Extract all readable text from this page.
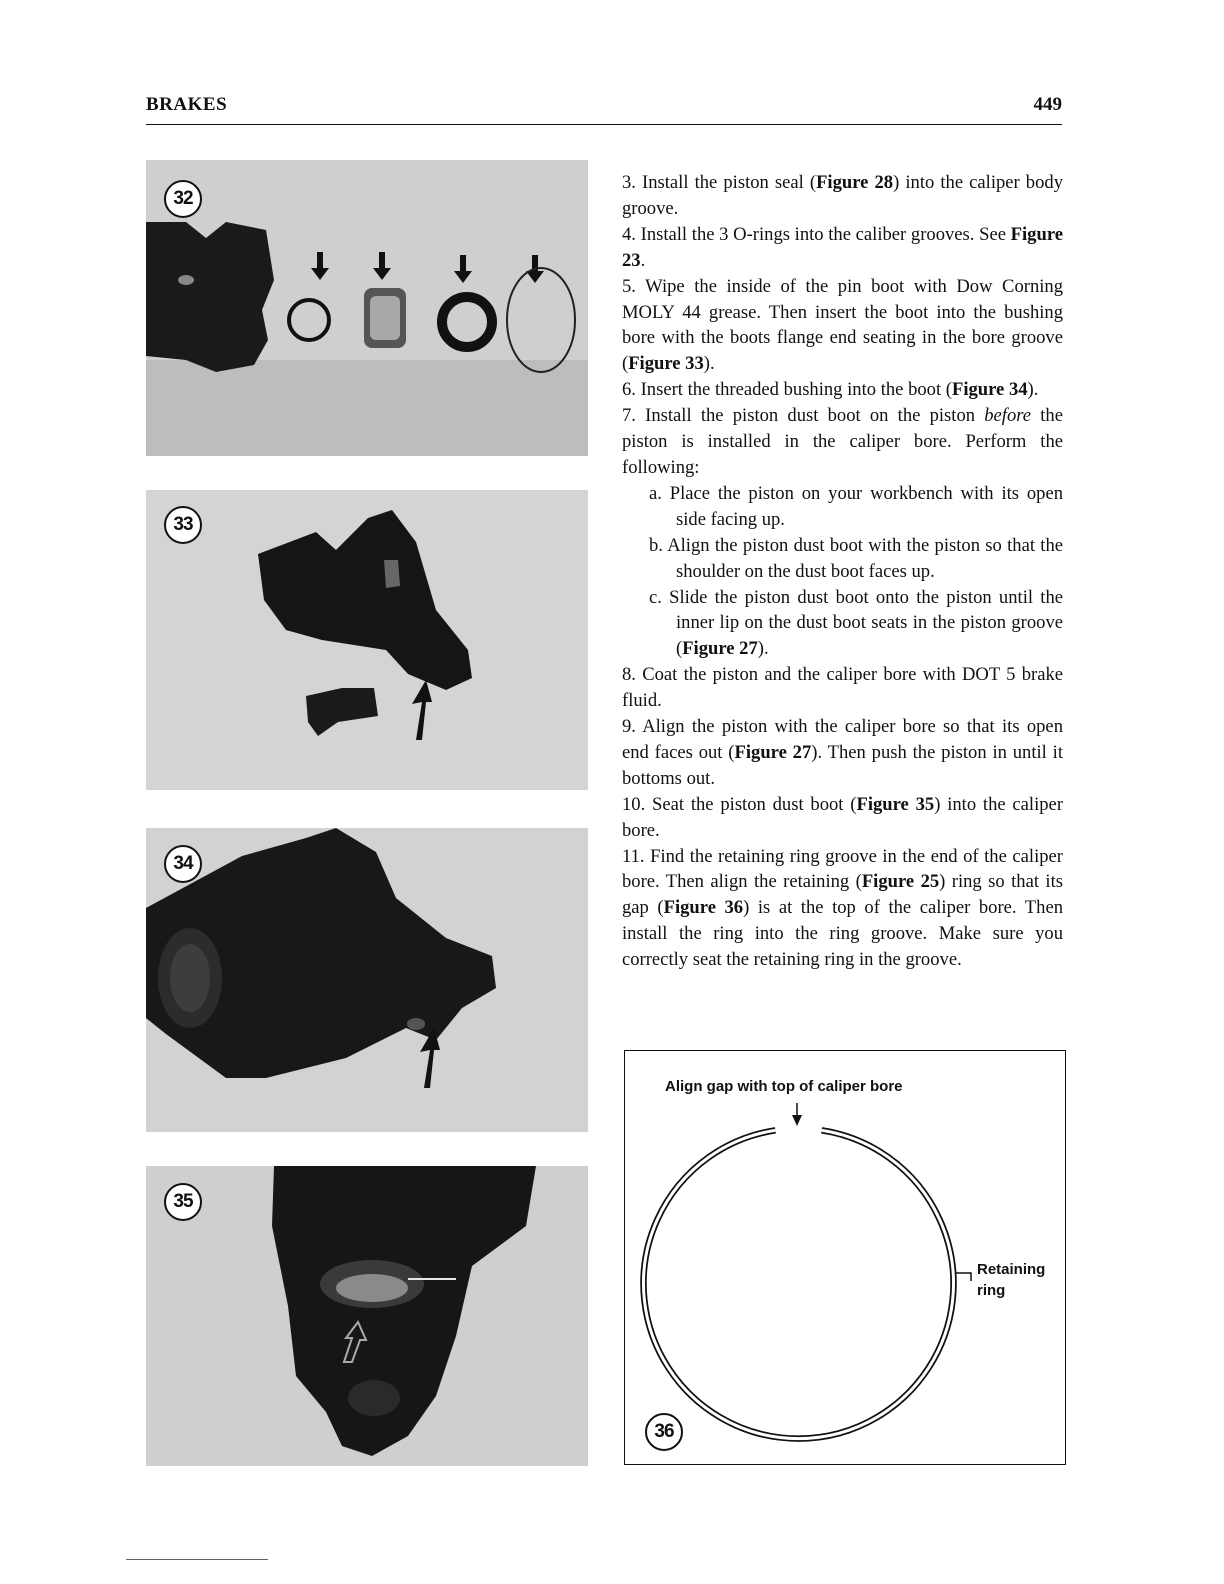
BRAKES	449
32
33
34
35

3. Install the piston seal (Figure 28) into the caliper body groove.

4. Install the 3 O-rings into the caliber grooves. See Figure 23.

5. Wipe the inside of the pin boot with Dow Corning MOLY 44 grease. Then insert the boot into the bushing bore with the boots flange end seating in the bore groove (Figure 33).

6. Insert the threaded bushing into the boot (Figure 34).

7. Install the piston dust boot on the piston before the piston is installed in the caliper bore. Perform the following:

a. Place the piston on your workbench with its open side facing up.

b. Align the piston dust boot with the piston so that the shoulder on the dust boot faces up.

c. Slide the piston dust boot onto the piston until the inner lip on the dust boot seats in the piston groove (Figure 27).

8. Coat the piston and the caliper bore with DOT 5 brake fluid.

9. Align the piston with the caliper bore so that its open end faces out (Figure 27). Then push the piston in until it bottoms out.

10. Seat the piston dust boot (Figure 35) into the caliper bore.

11. Find the retaining ring groove in the end of the caliper bore. Then align the retaining (Figure 25) ring so that its gap (Figure 36) is at the top of the caliper bore. Then install the ring into the ring groove. Make sure you correctly seat the retaining ring in the groove.

Align gap with top of caliper bore
Retaining
ring
36
